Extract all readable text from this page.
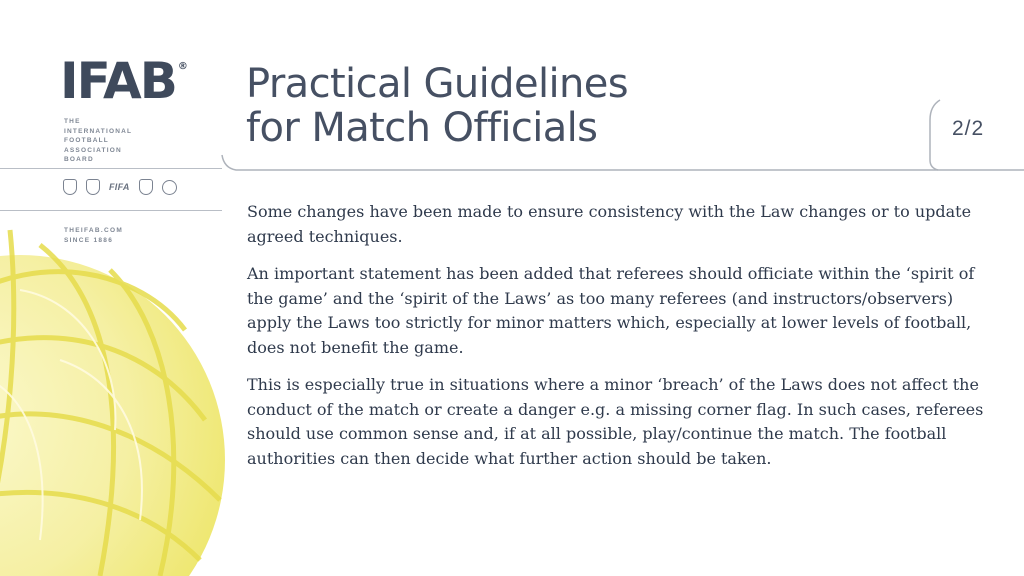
IFAB ®
THE
INTERNATIONAL
FOOTBALL
ASSOCIATION
BOARD
FIFA
THEIFAB.COM
SINCE 1886
Practical Guidelines
for Match Officials	2/2

Some changes have been made to ensure consistency with the Law changes or to update agreed techniques.

An important statement has been added that referees should officiate within the ‘spirit of the game’ and the ‘spirit of the Laws’ as too many referees (and instructors/observers) apply the Laws too strictly for minor matters which, especially at lower levels of football, does not benefit the game.

This is especially true in situations where a minor ‘breach’ of the Laws does not affect the conduct of the match or create a danger e.g. a missing corner flag. In such cases, referees should use common sense and, if at all possible, play/continue the match. The football authorities can then decide what further action should be taken.
